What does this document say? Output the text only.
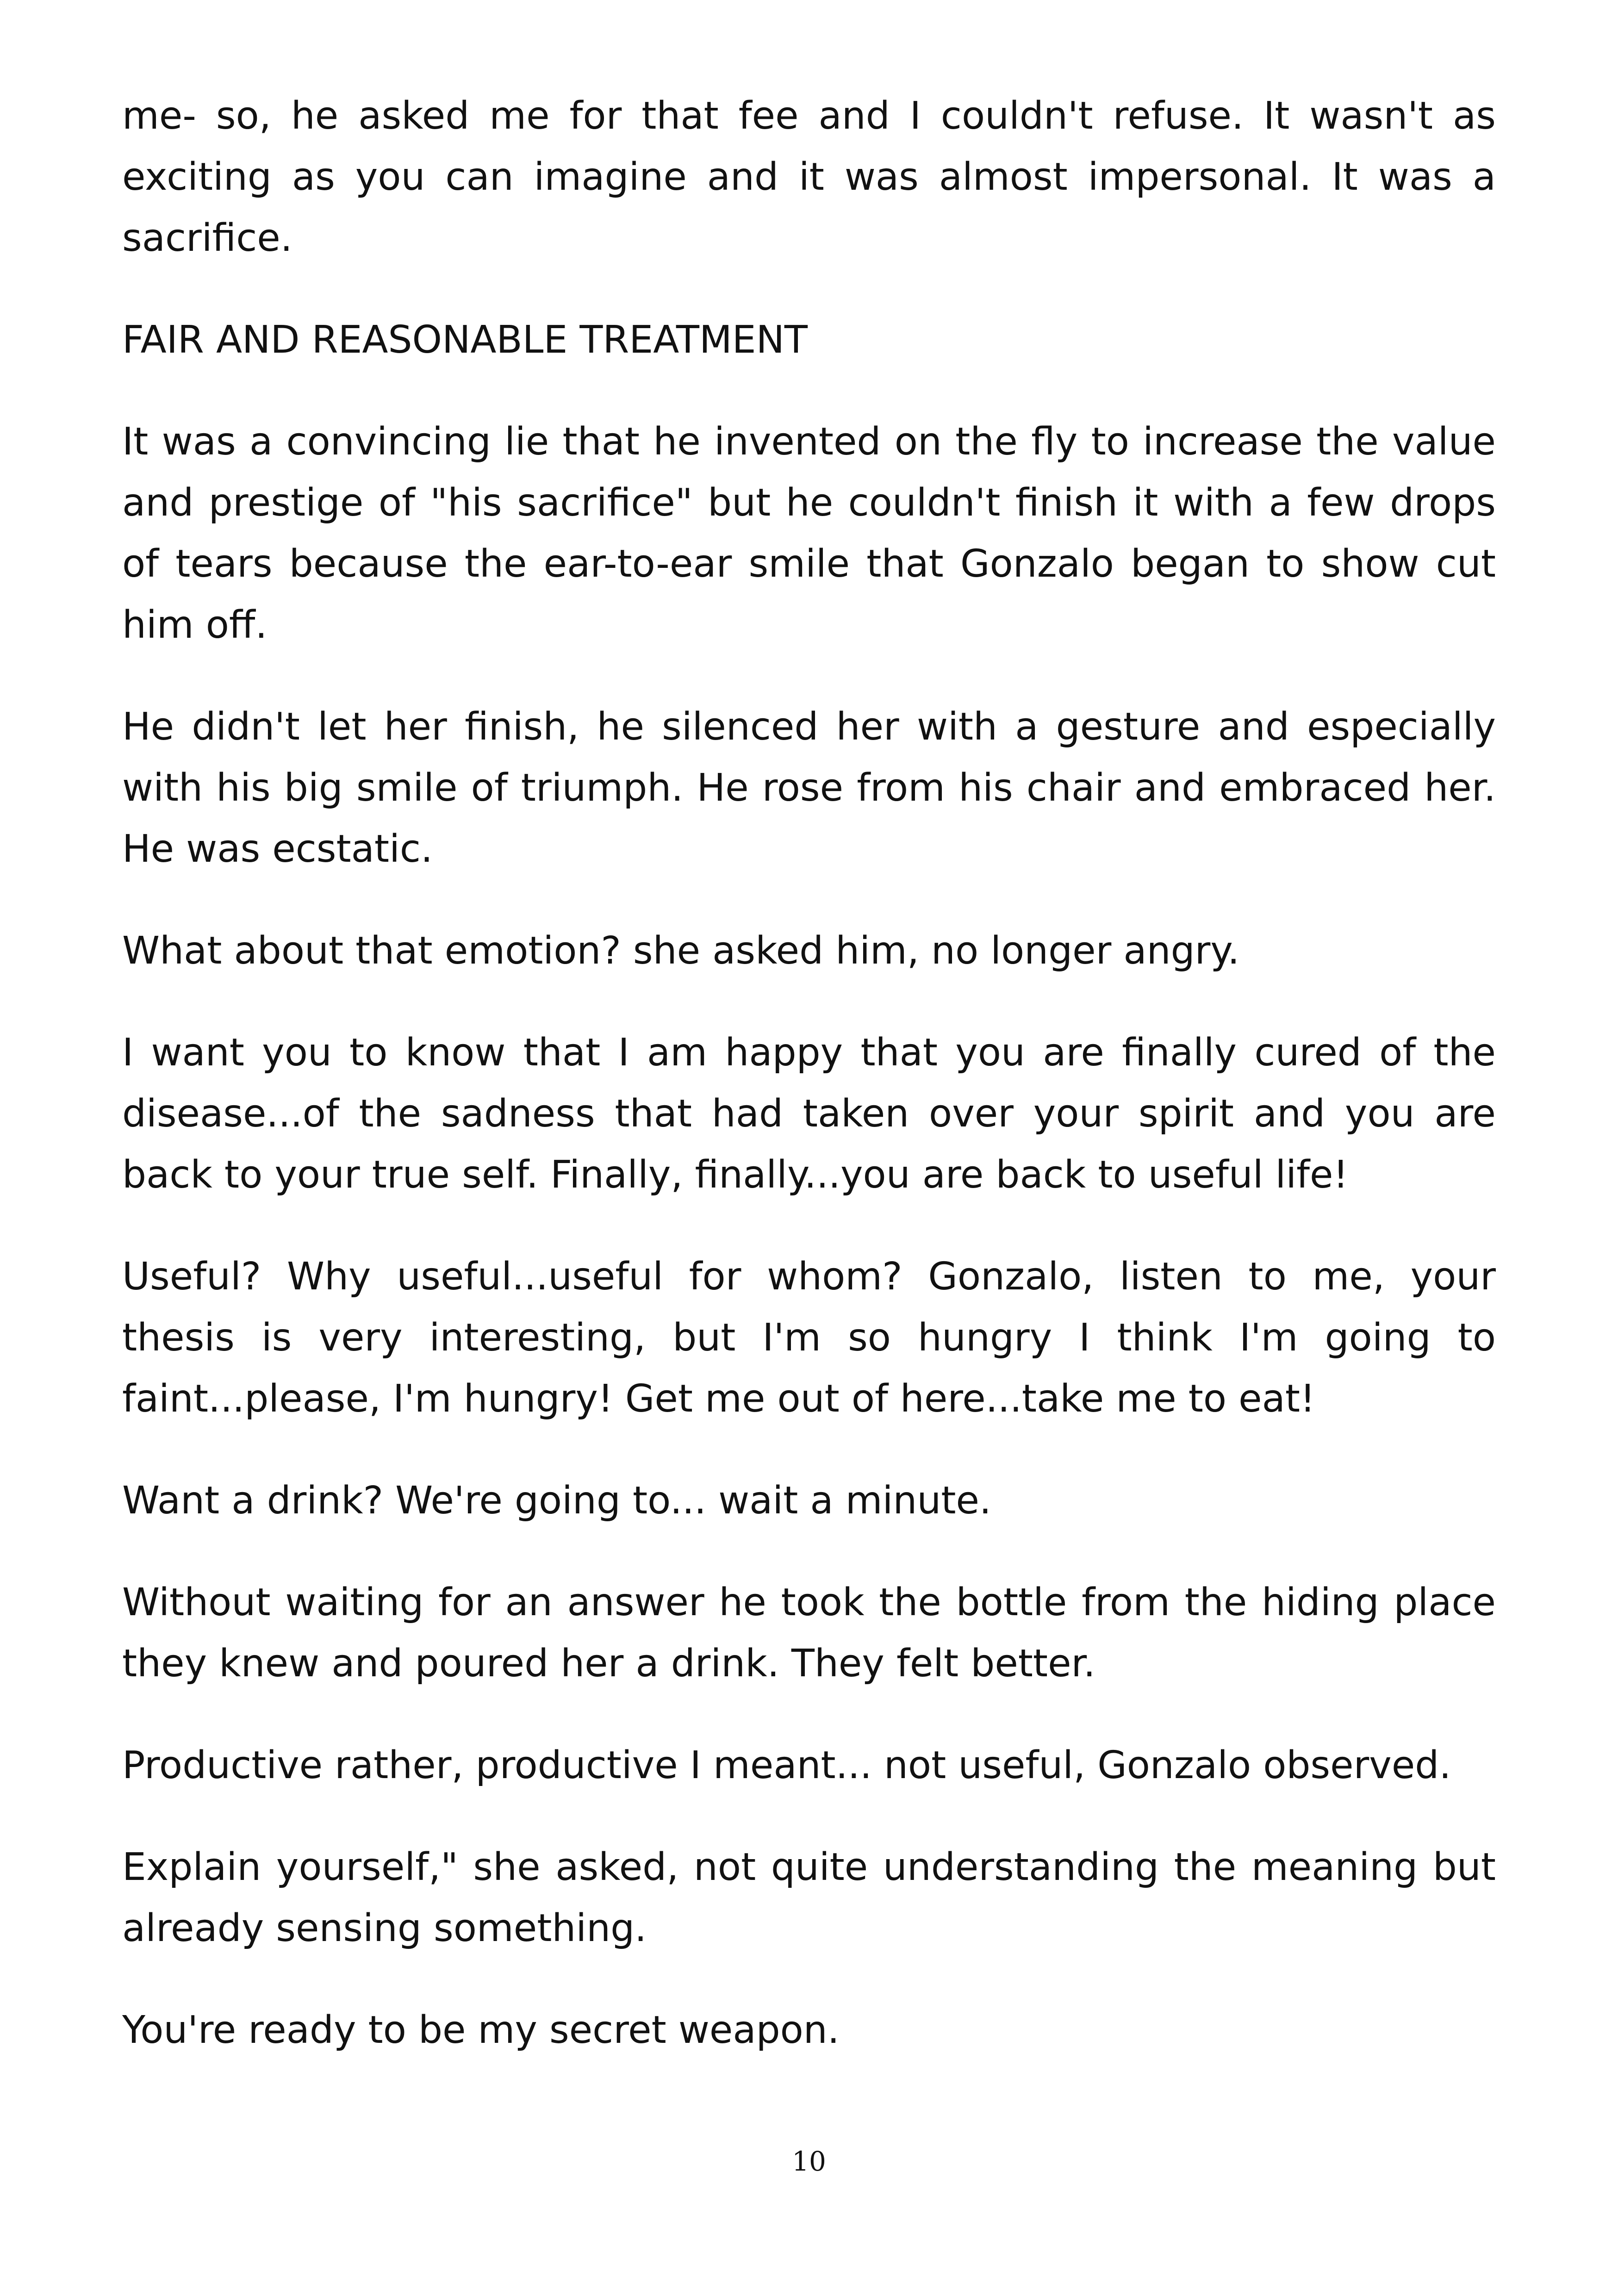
me- so, he asked me for that fee and I couldn't refuse. It wasn't as exciting as you can imagine and it was almost impersonal. It was a sacrifice.

FAIR AND REASONABLE TREATMENT

It was a convincing lie that he invented on the fly to increase the value and prestige of "his sacrifice" but he couldn't finish it with a few drops of tears because the ear-to-ear smile that Gonzalo began to show cut him off.

He didn't let her finish, he silenced her with a gesture and especially with his big smile of triumph. He rose from his chair and embraced her. He was ecstatic.

What about that emotion? she asked him, no longer angry.

I want you to know that I am happy that you are finally cured of the disease...of the sadness that had taken over your spirit and you are back to your true self. Finally, finally...you are back to useful life!

Useful? Why useful...useful for whom? Gonzalo, listen to me, your thesis is very interesting, but I'm so hungry I think I'm going to faint...please, I'm hungry! Get me out of here...take me to eat!

Want a drink? We're going to... wait a minute.

Without waiting for an answer he took the bottle from the hiding place they knew and poured her a drink. They felt better.

Productive rather, productive I meant... not useful, Gonzalo observed.

Explain yourself," she asked, not quite understanding the meaning but already sensing something.

You're ready to be my secret weapon.

10
